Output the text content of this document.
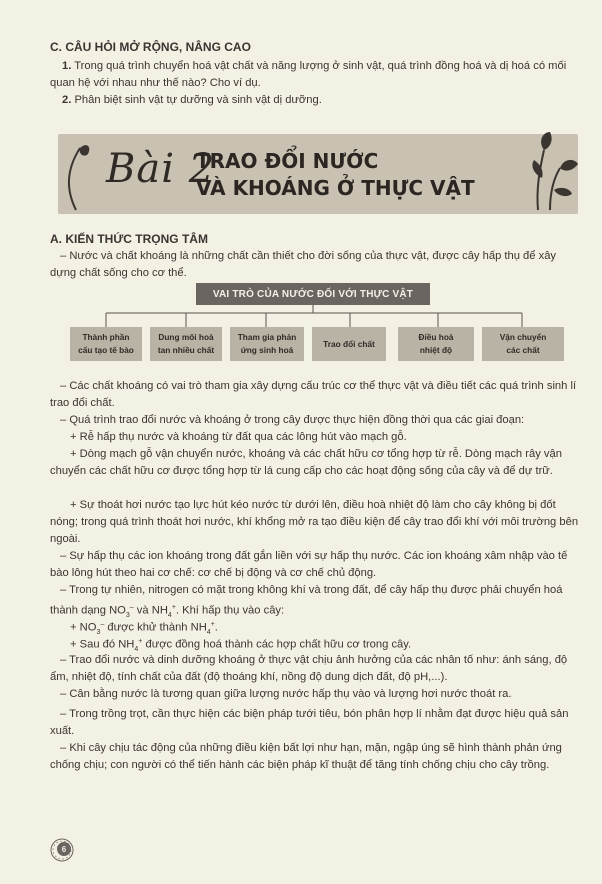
C. CÂU HỎI MỞ RỘNG, NÂNG CAO
1. Trong quá trình chuyển hoá vật chất và năng lượng ở sinh vật, quá trình đồng hoá và dị hoá có mối quan hệ với nhau như thế nào? Cho ví dụ.
2. Phân biệt sinh vật tự dưỡng và sinh vật dị dưỡng.
Bài 2
TRAO ĐỔI NƯỚC
VÀ KHOÁNG Ở THỰC VẬT
A. KIẾN THỨC TRỌNG TÂM
– Nước và chất khoáng là những chất cần thiết cho đời sống của thực vật, được cây hấp thụ để xây dựng chất sống cho cơ thể.
VAI TRÒ CỦA NƯỚC ĐỐI VỚI THỰC VẬT
Thành phần
cấu tạo tế bào
Dung môi hoà
tan nhiều chất
Tham gia phản
ứng sinh hoá
Trao đổi chất
Điều hoà
nhiệt độ
Vận chuyển
các chất
– Các chất khoáng có vai trò tham gia xây dựng cấu trúc cơ thể thực vật và điều tiết các quá trình sinh lí trao đổi chất.
– Quá trình trao đổi nước và khoáng ở trong cây được thực hiện đồng thời qua các giai đoạn:
+ Rễ hấp thụ nước và khoáng từ đất qua các lông hút vào mạch gỗ.
+ Dòng mạch gỗ vận chuyển nước, khoáng và các chất hữu cơ tổng hợp từ rễ. Dòng mạch rây vận chuyển các chất hữu cơ được tổng hợp từ lá cung cấp cho các hoạt động sống của cây và để dự trữ.
+ Sự thoát hơi nước tạo lực hút kéo nước từ dưới lên, điều hoà nhiệt độ làm cho cây không bị đốt nóng; trong quá trình thoát hơi nước, khí khổng mở ra tạo điều kiện để cây trao đổi khí với môi trường bên ngoài.
– Sự hấp thụ các ion khoáng trong đất gắn liền với sự hấp thụ nước. Các ion khoáng xâm nhập vào tế bào lông hút theo hai cơ chế: cơ chế bị động và cơ chế chủ động.
– Trong tự nhiên, nitrogen có mặt trong không khí và trong đất, để cây hấp thụ được phải chuyển hoá thành dạng $NO_3^-$ và $NH_4^+$. Khí hấp thụ vào cây:
+ $NO_3^-$ được khử thành $NH_4^+$.
+ Sau đó $NH_4^+$ được đồng hoá thành các hợp chất hữu cơ trong cây.
– Trao đổi nước và dinh dưỡng khoáng ở thực vật chịu ảnh hưởng của các nhân tố như: ánh sáng, độ ẩm, nhiệt độ, tính chất của đất (độ thoáng khí, nồng độ dung dịch đất, độ pH,...).
– Cân bằng nước là tương quan giữa lượng nước hấp thụ vào và lượng hơi nước thoát ra.
– Trong trồng trọt, cần thực hiện các biện pháp tưới tiêu, bón phân hợp lí nhằm đạt được hiệu quả sản xuất.
– Khi cây chịu tác động của những điều kiện bất lợi như hạn, mặn, ngập úng sẽ hình thành phản ứng chống chịu; con người có thể tiến hành các biện pháp kĩ thuật để tăng tính chống chịu cho cây trồng.
6
